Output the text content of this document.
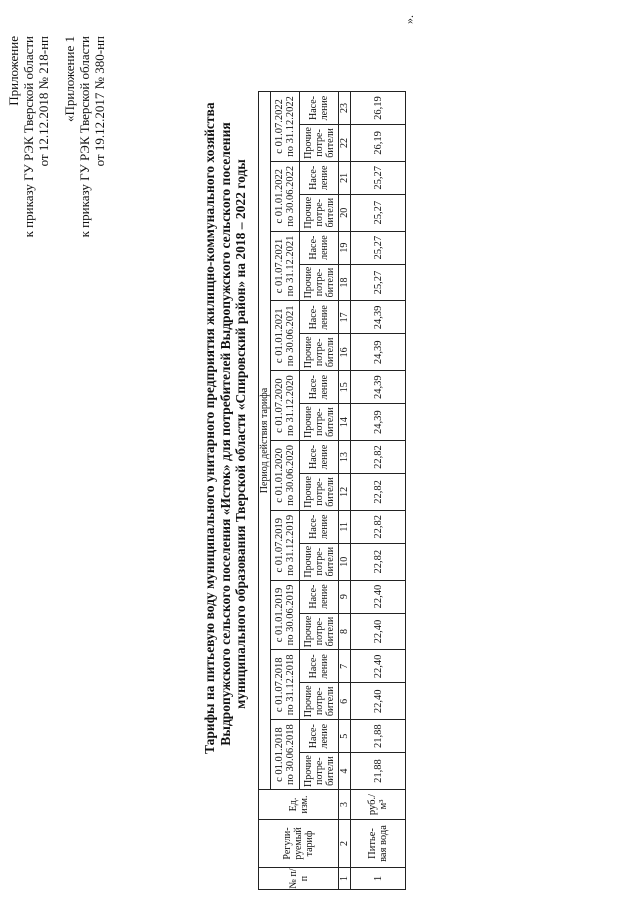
Приложение к приказу ГУ РЭК Тверской области от 12.12.2018 № 218-нп «Приложение 1 к приказу ГУ РЭК Тверской области от 19.12.2017 № 380-нп
Тарифы на питьевую воду муниципального унитарного предприятия жилищно-коммунального хозяйства Выдропужского сельского поселения «Исток» для потребителей Выдропужского сельского поселения муниципального образования Тверской области «Спировский район» на 2018 – 2022 годы
№ п/ п	Регули-руемый тариф	Ед. изм.	Период действия тарифа																			
			с 01.01.2018 по 30.06.2018		с 01.07.2018 по 31.12.2018		с 01.01.2019 по 30.06.2019		с 01.07.2019 по 31.12.2019		с 01.01.2020 по 30.06.2020		с 01.07.2020 по 31.12.2020		с 01.01.2021 по 30.06.2021		с 01.07.2021 по 31.12.2021		с 01.01.2022 по 30.06.2022		с 01.07.2022 по 31.12.2022	
			Прочие потре-бители	Насе-ление	Прочие потре-бители	Насе-ление	Прочие потре-бители	Насе-ление	Прочие потре-бители	Насе-ление	Прочие потре-бители	Насе-ление	Прочие потре-бители	Насе-ление	Прочие потре-бители	Насе-ление	Прочие потре-бители	Насе-ление	Прочие потре-бители	Насе-ление	Прочие потре-бители	Насе-ление
1	2	3	4	5	6	7	8	9	10	11	12	13	14	15	16	17	18	19	20	21	22	23
1	Питье-вая вода	руб./м³	21,88	21,88	22,40	22,40	22,40	22,40	22,82	22,82	22,82	22,82	24,39	24,39	24,39	24,39	25,27	25,27	25,27	25,27	26,19	26,19
».
